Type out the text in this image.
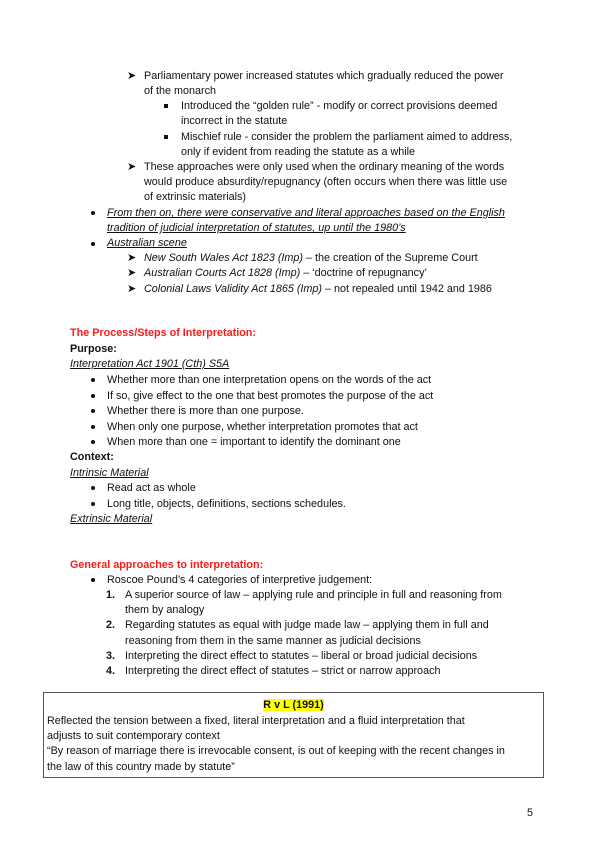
➤ Parliamentary power increased statutes which gradually reduced the power
of the monarch
Introduced the “golden rule” - modify or correct provisions deemed
incorrect in the statute
Mischief rule - consider the problem the parliament aimed to address,
only if evident from reading the statute as a while
➤ These approaches were only used when the ordinary meaning of the words
would produce absurdity/repugnancy (often occurs when there was little use
of extrinsic materials)
From then on, there were conservative and literal approaches based on the English
tradition of judicial interpretation of statutes, up until the 1980’s
Australian scene
➤ New South Wales Act 1823 (Imp) – the creation of the Supreme Court
➤ Australian Courts Act 1828 (Imp) – ‘doctrine of repugnancy’
➤ Colonial Laws Validity Act 1865 (Imp) – not repealed until 1942 and 1986
The Process/Steps of Interpretation:
Purpose:
Interpretation Act 1901 (Cth) S5A
Whether more than one interpretation opens on the words of the act
If so, give effect to the one that best promotes the purpose of the act
Whether there is more than one purpose.
When only one purpose, whether interpretation promotes that act
When more than one = important to identify the dominant one
Context:
Intrinsic Material
Read act as whole
Long title, objects, definitions, sections schedules.
Extrinsic Material
General approaches to interpretation:
Roscoe Pound’s 4 categories of interpretive judgement:
1. A superior source of law – applying rule and principle in full and reasoning from
them by analogy
2. Regarding statutes as equal with judge made law – applying them in full and
reasoning from them in the same manner as judicial decisions
3. Interpreting the direct effect to statutes – liberal or broad judicial decisions
4. Interpreting the direct effect of statutes – strict or narrow approach
R v L (1991)
Reflected the tension between a fixed, literal interpretation and a fluid interpretation that
adjusts to suit contemporary context
“By reason of marriage there is irrevocable consent, is out of keeping with the recent changes in
the law of this country made by statute”
5
